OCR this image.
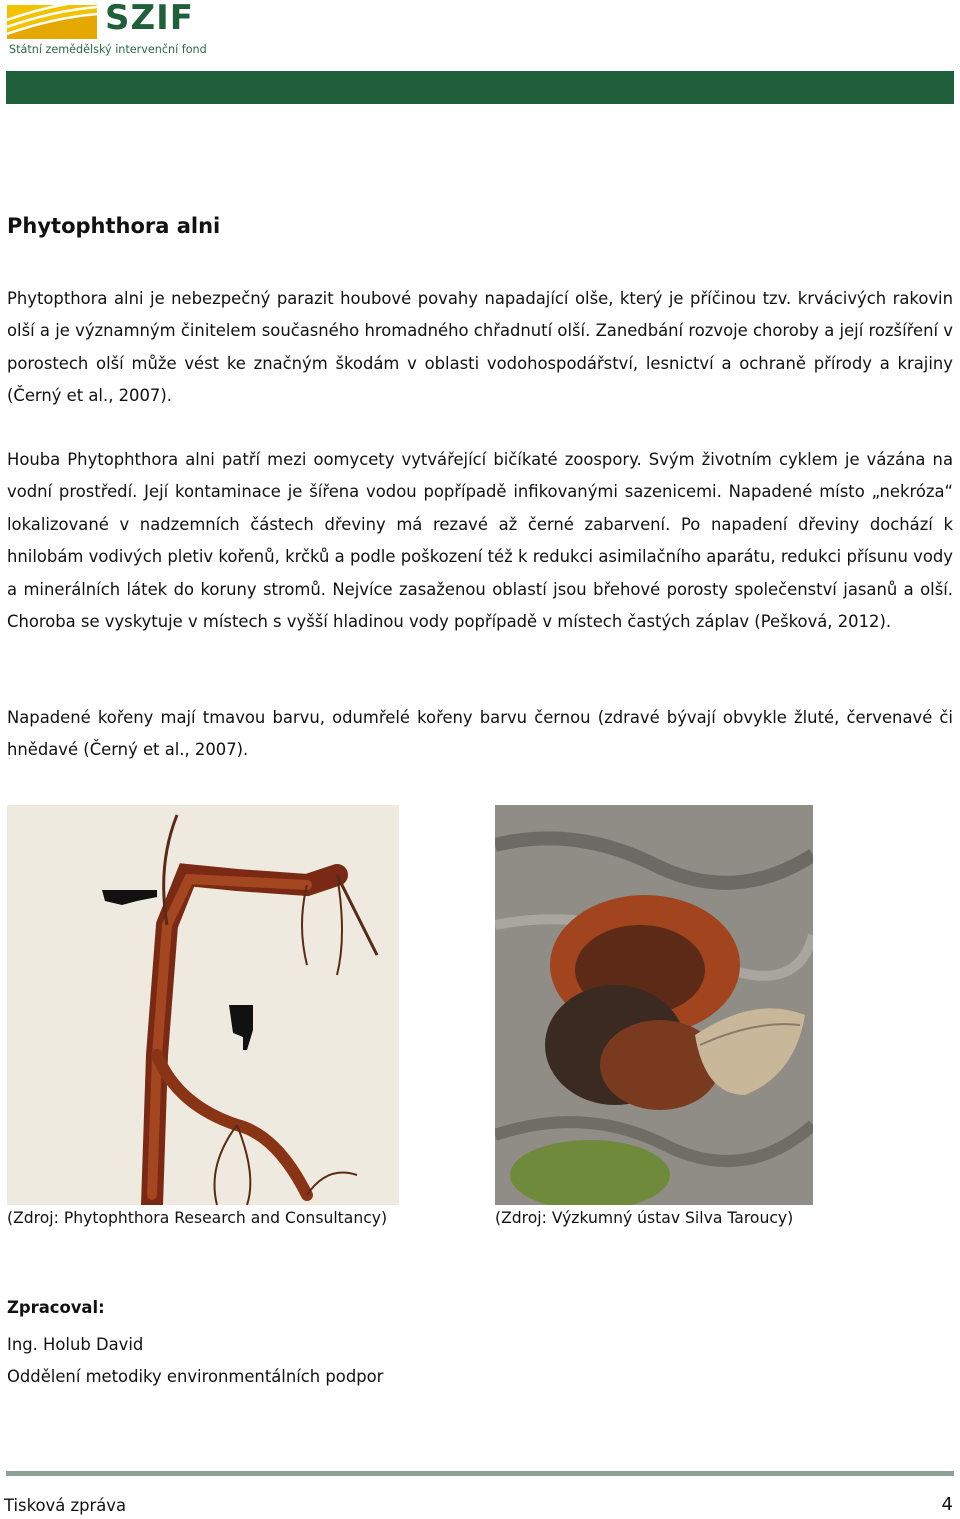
SZIF
Státní zemědělský intervenční fond
Phytophthora alni

Phytopthora alni je nebezpečný parazit houbové povahy napadající olše, který je příčinou tzv. krvácivých rakovin olší a je významným činitelem současného hromadného chřadnutí olší. Zanedbání rozvoje choroby a její rozšíření v porostech olší může vést ke značným škodám v oblasti vodohospodářství, lesnictví a ochraně přírody a krajiny (Černý et al., 2007).

Houba Phytophthora alni patří mezi oomycety vytvářející bičíkaté zoospory. Svým životním cyklem je vázána na vodní prostředí. Její kontaminace je šířena vodou popřípadě infikovanými sazenicemi. Napadené místo „nekróza“ lokalizované v nadzemních částech dřeviny má rezavé až černé zabarvení. Po napadení dřeviny dochází k hnilobám vodivých pletiv kořenů, krčků a podle poškození též k redukci asimilačního aparátu, redukci přísunu vody a minerálních látek do koruny stromů. Nejvíce zasaženou oblastí jsou břehové porosty společenství jasanů a olší. Choroba se vyskytuje v místech s vyšší hladinou vody popřípadě v místech častých záplav (Pešková, 2012).

Napadené kořeny mají tmavou barvu, odumřelé kořeny barvu černou (zdravé bývají obvykle žluté, červenavé či hnědavé (Černý et al., 2007).

(Zdroj: Phytophthora Research and Consultancy)	(Zdroj: Výzkumný ústav Silva Taroucy)

Zpracoval:

Ing. Holub David

Oddělení metodiky environmentálních podpor

Tisková zpráva	4
